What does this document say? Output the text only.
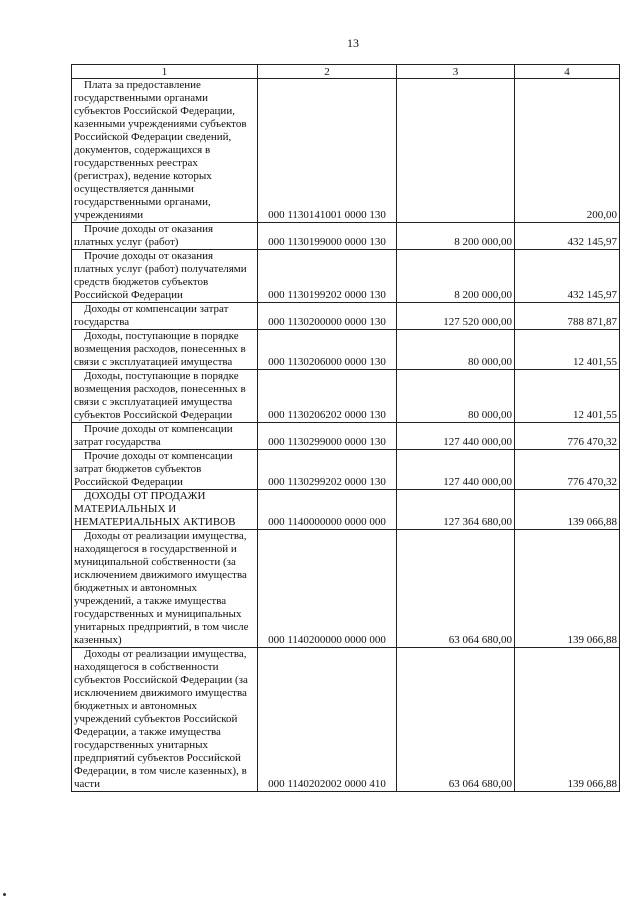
13
1	2	3	4

Плата за предоставление государственными органами субъектов Российской Федерации, казенными учреждениями субъектов Российской Федерации сведений, документов, содержащихся в государственных реестрах (регистрах), ведение которых осуществляется данными государственными органами, учреждениями	000 1130141001 0000 130		200,00

Прочие доходы от оказания платных услуг (работ)	000 1130199000 0000 130	8 200 000,00	432 145,97

Прочие доходы от оказания платных услуг (работ) получателями средств бюджетов субъектов Российской Федерации	000 1130199202 0000 130	8 200 000,00	432 145,97

Доходы от компенсации затрат государства	000 1130200000 0000 130	127 520 000,00	788 871,87

Доходы, поступающие в порядке возмещения расходов, понесенных в связи с эксплуатацией имущества	000 1130206000 0000 130	80 000,00	12 401,55

Доходы, поступающие в порядке возмещения расходов, понесенных в связи с эксплуатацией имущества субъектов Российской Федерации	000 1130206202 0000 130	80 000,00	12 401,55

Прочие доходы от компенсации затрат государства	000 1130299000 0000 130	127 440 000,00	776 470,32

Прочие доходы от компенсации затрат бюджетов субъектов Российской Федерации	000 1130299202 0000 130	127 440 000,00	776 470,32

ДОХОДЫ ОТ ПРОДАЖИ МАТЕРИАЛЬНЫХ И НЕМАТЕРИАЛЬНЫХ АКТИВОВ	000 1140000000 0000 000	127 364 680,00	139 066,88

Доходы от реализации имущества, находящегося в государственной и муниципальной собственности (за исключением движимого имущества бюджетных и автономных учреждений, а также имущества государственных и муниципальных унитарных предприятий, в том числе казенных)	000 1140200000 0000 000	63 064 680,00	139 066,88

Доходы от реализации имущества, находящегося в собственности субъектов Российской Федерации (за исключением движимого имущества бюджетных и автономных учреждений субъектов Российской Федерации, а также имущества государственных унитарных предприятий субъектов Российской Федерации, в том числе казенных), в части	000 1140202002 0000 410	63 064 680,00	139 066,88
